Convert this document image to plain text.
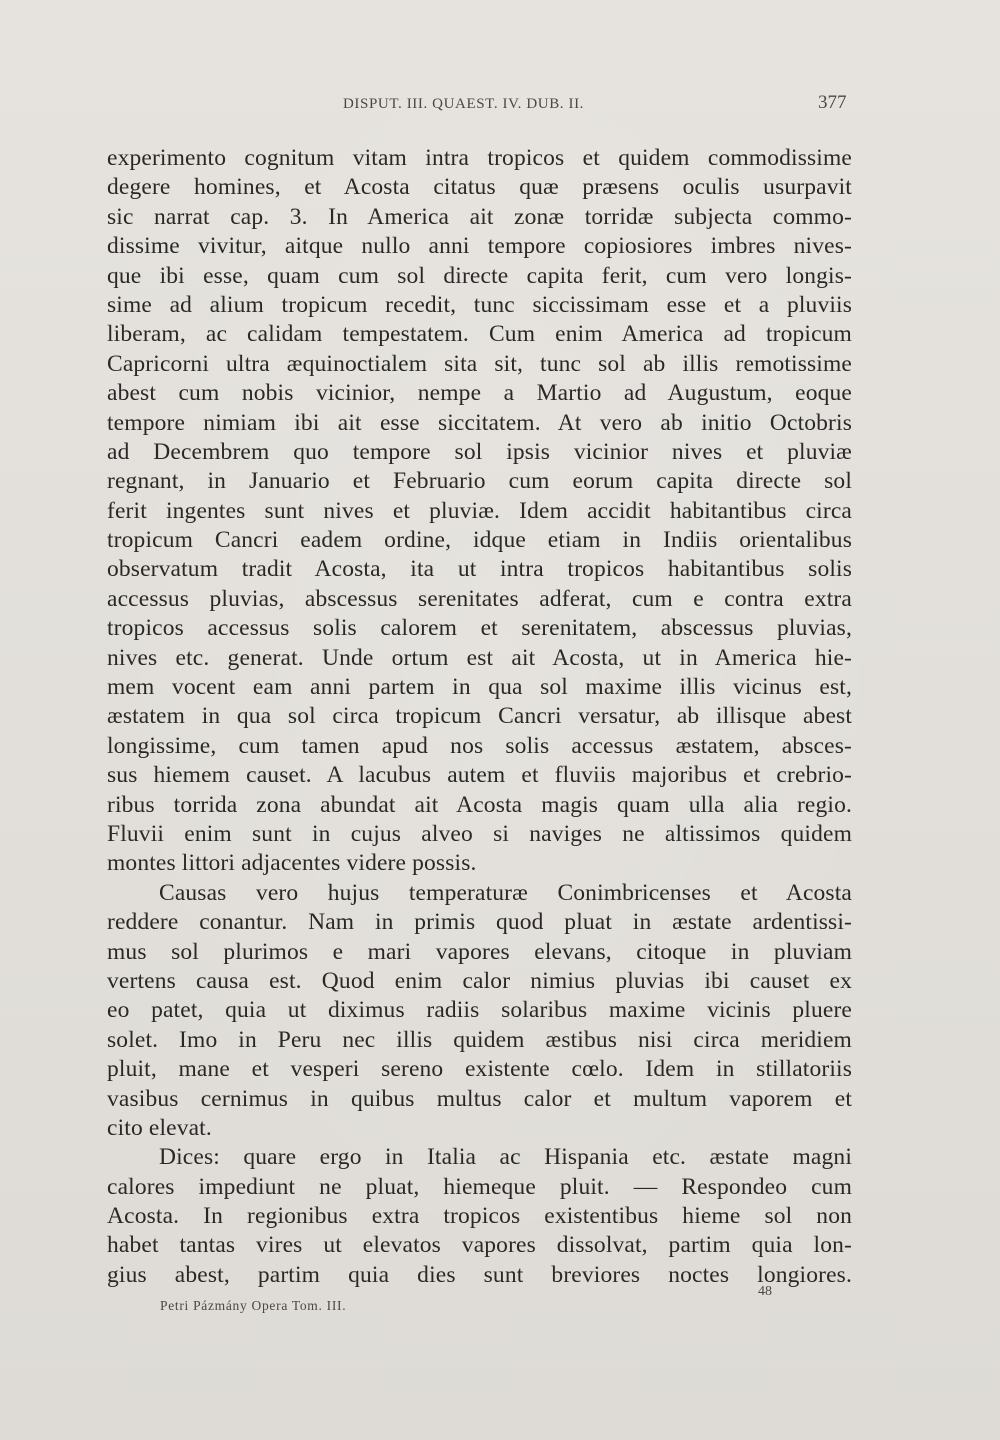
DISPUT. III. QUAEST. IV. DUB. II.	377
experimento cognitum vitam intra tropicos et quidem commodissime
degere homines, et Acosta citatus quæ præsens oculis usurpavit
sic narrat cap. 3. In America ait zonæ torridæ subjecta commo-
dissime vivitur, aitque nullo anni tempore copiosiores imbres nives-
que ibi esse, quam cum sol directe capita ferit, cum vero longis-
sime ad alium tropicum recedit, tunc siccissimam esse et a pluviis
liberam, ac calidam tempestatem. Cum enim America ad tropicum
Capricorni ultra æquinoctialem sita sit, tunc sol ab illis remotissime
abest cum nobis vicinior, nempe a Martio ad Augustum, eoque
tempore nimiam ibi ait esse siccitatem. At vero ab initio Octobris
ad Decembrem quo tempore sol ipsis vicinior nives et pluviæ
regnant, in Januario et Februario cum eorum capita directe sol
ferit ingentes sunt nives et pluviæ. Idem accidit habitantibus circa
tropicum Cancri eadem ordine, idque etiam in Indiis orientalibus
observatum tradit Acosta, ita ut intra tropicos habitantibus solis
accessus pluvias, abscessus serenitates adferat, cum e contra extra
tropicos accessus solis calorem et serenitatem, abscessus pluvias,
nives etc. generat. Unde ortum est ait Acosta, ut in America hie-
mem vocent eam anni partem in qua sol maxime illis vicinus est,
æstatem in qua sol circa tropicum Cancri versatur, ab illisque abest
longissime, cum tamen apud nos solis accessus æstatem, absces-
sus hiemem causet. A lacubus autem et fluviis majoribus et crebrio-
ribus torrida zona abundat ait Acosta magis quam ulla alia regio.
Fluvii enim sunt in cujus alveo si naviges ne altissimos quidem
montes littori adjacentes videre possis.
Causas vero hujus temperaturæ Conimbricenses et Acosta
reddere conantur. Nam in primis quod pluat in æstate ardentissi-
mus sol plurimos e mari vapores elevans, citoque in pluviam
vertens causa est. Quod enim calor nimius pluvias ibi causet ex
eo patet, quia ut diximus radiis solaribus maxime vicinis pluere
solet. Imo in Peru nec illis quidem æstibus nisi circa meridiem
pluit, mane et vesperi sereno existente cœlo. Idem in stillatoriis
vasibus cernimus in quibus multus calor et multum vaporem et
cito elevat.
Dices: quare ergo in Italia ac Hispania etc. æstate magni
calores impediunt ne pluat, hiemeque pluit. — Respondeo cum
Acosta. In regionibus extra tropicos existentibus hieme sol non
habet tantas vires ut elevatos vapores dissolvat, partim quia lon-
gius abest, partim quia dies sunt breviores noctes longiores.
Petri Pázmány Opera Tom. III.
48
